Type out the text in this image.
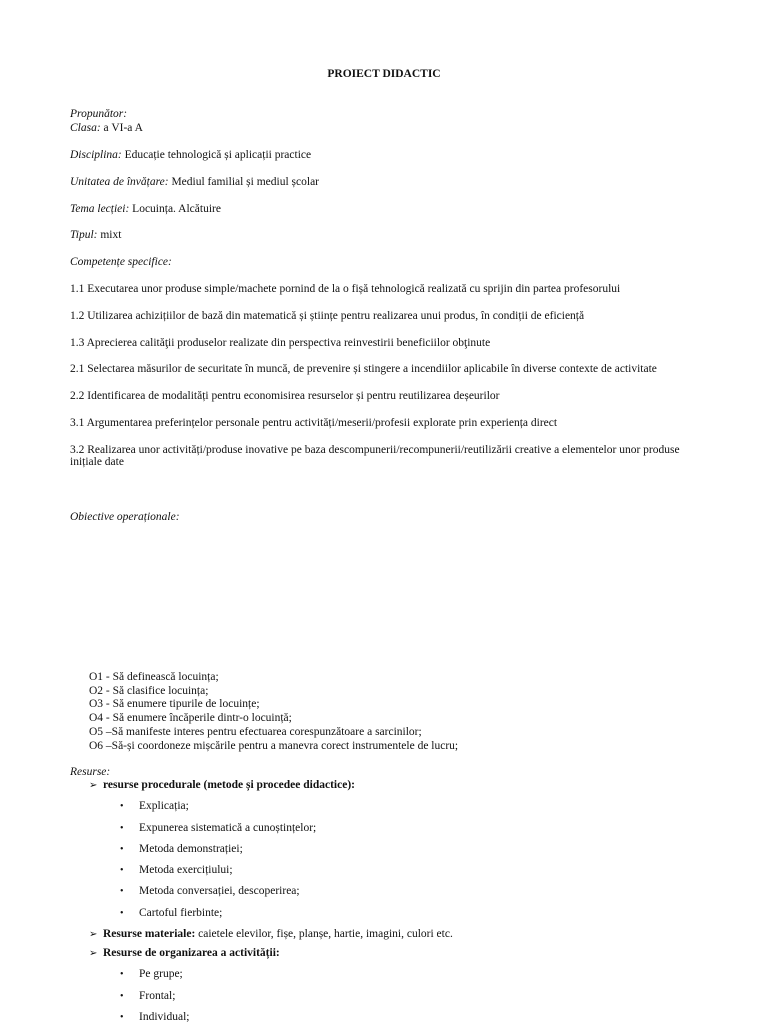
PROIECT DIDACTIC
Propunător:
Clasa: a VI-a A
Disciplina: Educație tehnologică și aplicații practice
Unitatea de învățare: Mediul familial și mediul școlar
Tema lecției: Locuința. Alcătuire
Tipul: mixt
Competențe specifice:
1.1 Executarea unor produse simple/machete pornind de la o fișă tehnologică realizată cu sprijin din partea profesorului
1.2 Utilizarea achizițiilor de bază din matematică și științe pentru realizarea unui produs, în condiții de eficiență
1.3 Aprecierea calităţii produselor realizate din perspectiva reinvestirii beneficiilor obţinute
2.1 Selectarea măsurilor de securitate în muncă, de prevenire și stingere a incendiilor aplicabile în diverse contexte de activitate
2.2 Identificarea de modalități pentru economisirea resurselor și pentru reutilizarea deșeurilor
3.1 Argumentarea preferințelor personale pentru activități/meserii/profesii explorate prin experiența direct
3.2 Realizarea unor activități/produse inovative pe baza descompunerii/recompunerii/reutilizării creative a elementelor unor produse inițiale date
Obiective operaționale:
O1 - Să definească locuința;
O2 - Să clasifice locuința;
O3 - Să enumere tipurile de locuințe;
O4 - Să enumere încăperile dintr-o locuință;
O5 –Să manifeste interes pentru efectuarea corespunzătoare a sarcinilor;
O6 –Să-și coordoneze mișcările pentru a manevra corect instrumentele de lucru;
Resurse:
➢ resurse procedurale (metode și procedee didactice):
• Explicația;
• Expunerea sistematică a cunoștințelor;
• Metoda demonstrației;
• Metoda exercițiului;
• Metoda conversației, descoperirea;
• Cartoful fierbinte;
➢ Resurse materiale: caietele elevilor, fișe, planșe, hartie, imagini, culori etc.
➢ Resurse de organizarea a activității:
• Pe grupe;
• Frontal;
• Individual;
